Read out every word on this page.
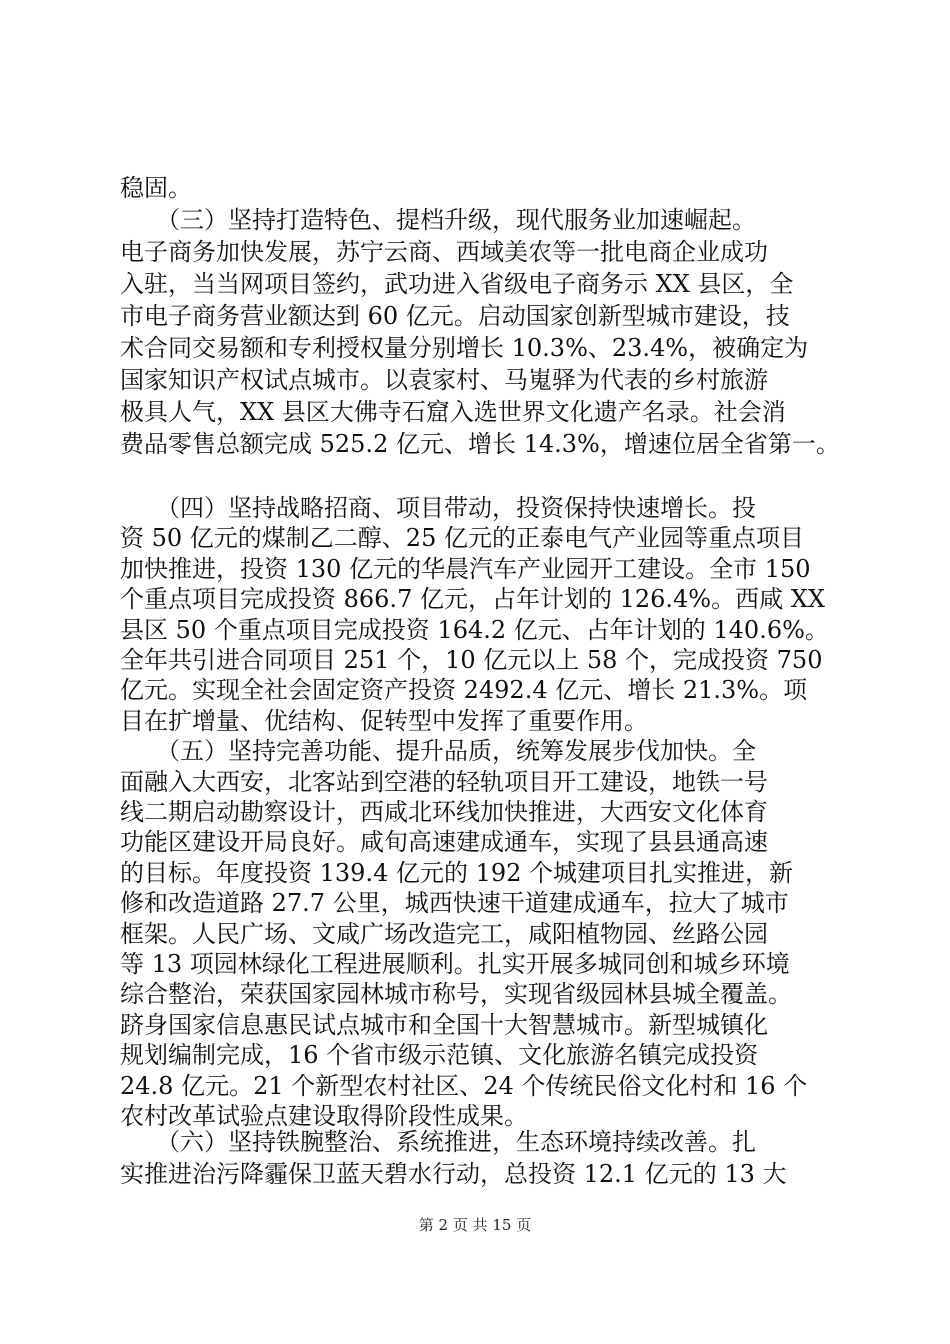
稳固。
　　（三）坚持打造特色、提档升级，现代服务业加速崛起。
电子商务加快发展，苏宁云商、西域美农等一批电商企业成功
入驻，当当网项目签约，武功进入省级电子商务示 XX 县区，全
市电子商务营业额达到 60 亿元。启动国家创新型城市建设，技
术合同交易额和专利授权量分别增长 10.3%、23.4%，被确定为
国家知识产权试点城市。以袁家村、马嵬驿为代表的乡村旅游
极具人气，XX 县区大佛寺石窟入选世界文化遗产名录。社会消
费品零售总额完成 525.2 亿元、增长 14.3%，增速位居全省第一。
　　（四）坚持战略招商、项目带动，投资保持快速增长。投
资 50 亿元的煤制乙二醇、25 亿元的正泰电气产业园等重点项目
加快推进，投资 130 亿元的华晨汽车产业园开工建设。全市 150
个重点项目完成投资 866.7 亿元，占年计划的 126.4%。西咸 XX
县区 50 个重点项目完成投资 164.2 亿元、占年计划的 140.6%。
全年共引进合同项目 251 个，10 亿元以上 58 个，完成投资 750
亿元。实现全社会固定资产投资 2492.4 亿元、增长 21.3%。项
目在扩增量、优结构、促转型中发挥了重要作用。
　　（五）坚持完善功能、提升品质，统筹发展步伐加快。全
面融入大西安，北客站到空港的轻轨项目开工建设，地铁一号
线二期启动勘察设计，西咸北环线加快推进，大西安文化体育
功能区建设开局良好。咸旬高速建成通车，实现了县县通高速
的目标。年度投资 139.4 亿元的 192 个城建项目扎实推进，新
修和改造道路 27.7 公里，城西快速干道建成通车，拉大了城市
框架。人民广场、文咸广场改造完工，咸阳植物园、丝路公园
等 13 项园林绿化工程进展顺利。扎实开展多城同创和城乡环境
综合整治，荣获国家园林城市称号，实现省级园林县城全覆盖。
跻身国家信息惠民试点城市和全国十大智慧城市。新型城镇化
规划编制完成，16 个省市级示范镇、文化旅游名镇完成投资
24.8 亿元。21 个新型农村社区、24 个传统民俗文化村和 16 个
农村改革试验点建设取得阶段性成果。
　　（六）坚持铁腕整治、系统推进，生态环境持续改善。扎
实推进治污降霾保卫蓝天碧水行动，总投资 12.1 亿元的 13 大
第 2 页 共 15 页
